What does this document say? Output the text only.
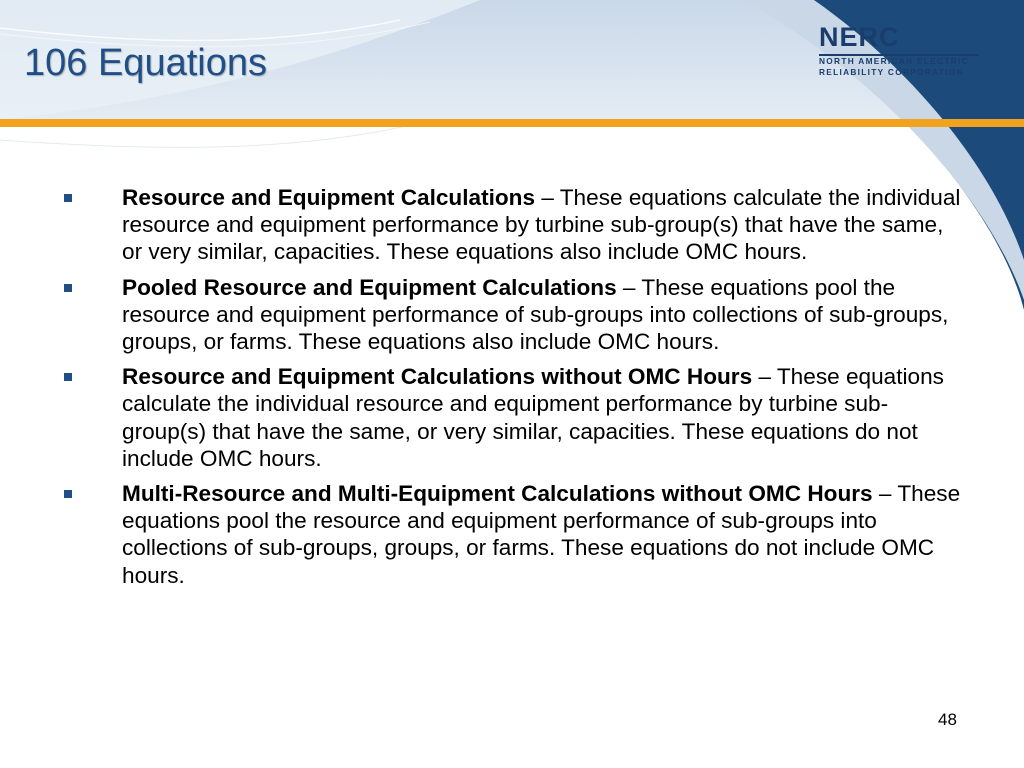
106 Equations
NERC
NORTH AMERICAN ELECTRIC
RELIABILITY CORPORATION
Resource and Equipment Calculations – These equations calculate the individual resource and equipment performance by turbine sub-group(s) that have the same, or very similar, capacities. These equations also include OMC hours.
Pooled Resource and Equipment Calculations – These equations pool the resource and equipment performance of sub-groups into collections of sub-groups, groups, or farms. These equations also include OMC hours.
Resource and Equipment Calculations without OMC Hours – These equations calculate the individual resource and equipment performance by turbine sub-group(s) that have the same, or very similar, capacities. These equations do not include OMC hours.
Multi-Resource and Multi-Equipment Calculations without OMC Hours – These equations pool the resource and equipment performance of sub-groups into collections of sub-groups, groups, or farms. These equations do not include OMC hours.
48
